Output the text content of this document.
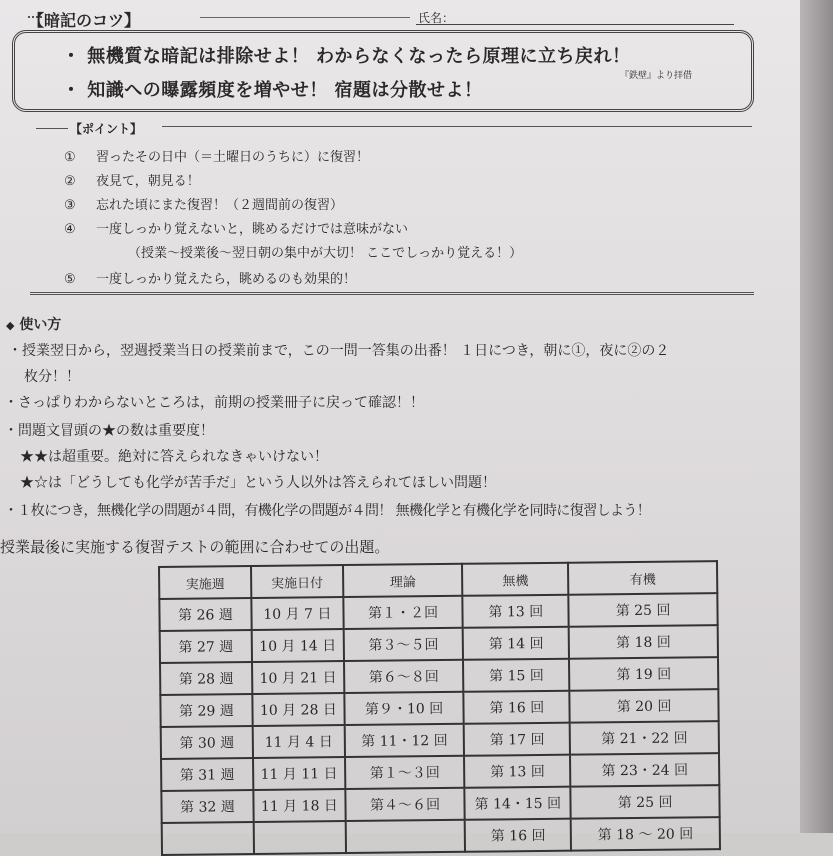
【暗記のコツ】	氏名：
・ 無機質な暗記は排除せよ！ わからなくなったら原理に立ち戻れ！
・ 知識への曝露頻度を増やせ！ 宿題は分散せよ！
『鉄壁』より拝借
【ポイント】
① 習ったその日中（＝土曜日のうちに）に復習！
② 夜見て，朝見る！
③ 忘れた頃にまた復習！（２週間前の復習）
④ 一度しっかり覚えないと，眺めるだけでは意味がない
（授業〜授業後〜翌日朝の集中が大切！ ここでしっかり覚える！）
⑤ 一度しっかり覚えたら，眺めるのも効果的！
◆ 使い方
・授業翌日から，翌週授業当日の授業前まで，この一問一答集の出番！ １日につき，朝に①，夜に②の２
枚分！！
・さっぱりわからないところは，前期の授業冊子に戻って確認！！
・問題文冒頭の★の数は重要度！
★★は超重要。絶対に答えられなきゃいけない！
★☆は「どうしても化学が苦手だ」という人以外は答えられてほしい問題！
・１枚につき，無機化学の問題が４問，有機化学の問題が４問！ 無機化学と有機化学を同時に復習しよう！
授業最後に実施する復習テストの範囲に合わせての出題。
実施週	実施日付	理論	無機	有機
第 26 週	10 月 7 日	第１・２回	第 13 回	第 25 回
第 27 週	10 月 14 日	第３〜５回	第 14 回	第 18 回
第 28 週	10 月 21 日	第６〜８回	第 15 回	第 19 回
第 29 週	10 月 28 日	第９・10 回	第 16 回	第 20 回
第 30 週	11 月 4 日	第 11・12 回	第 17 回	第 21・22 回
第 31 週	11 月 11 日	第１〜３回	第 13 回	第 23・24 回
第 32 週	11 月 18 日	第４〜６回	第 14・15 回	第 25 回
			第 16 回	第 18 〜 20 回
